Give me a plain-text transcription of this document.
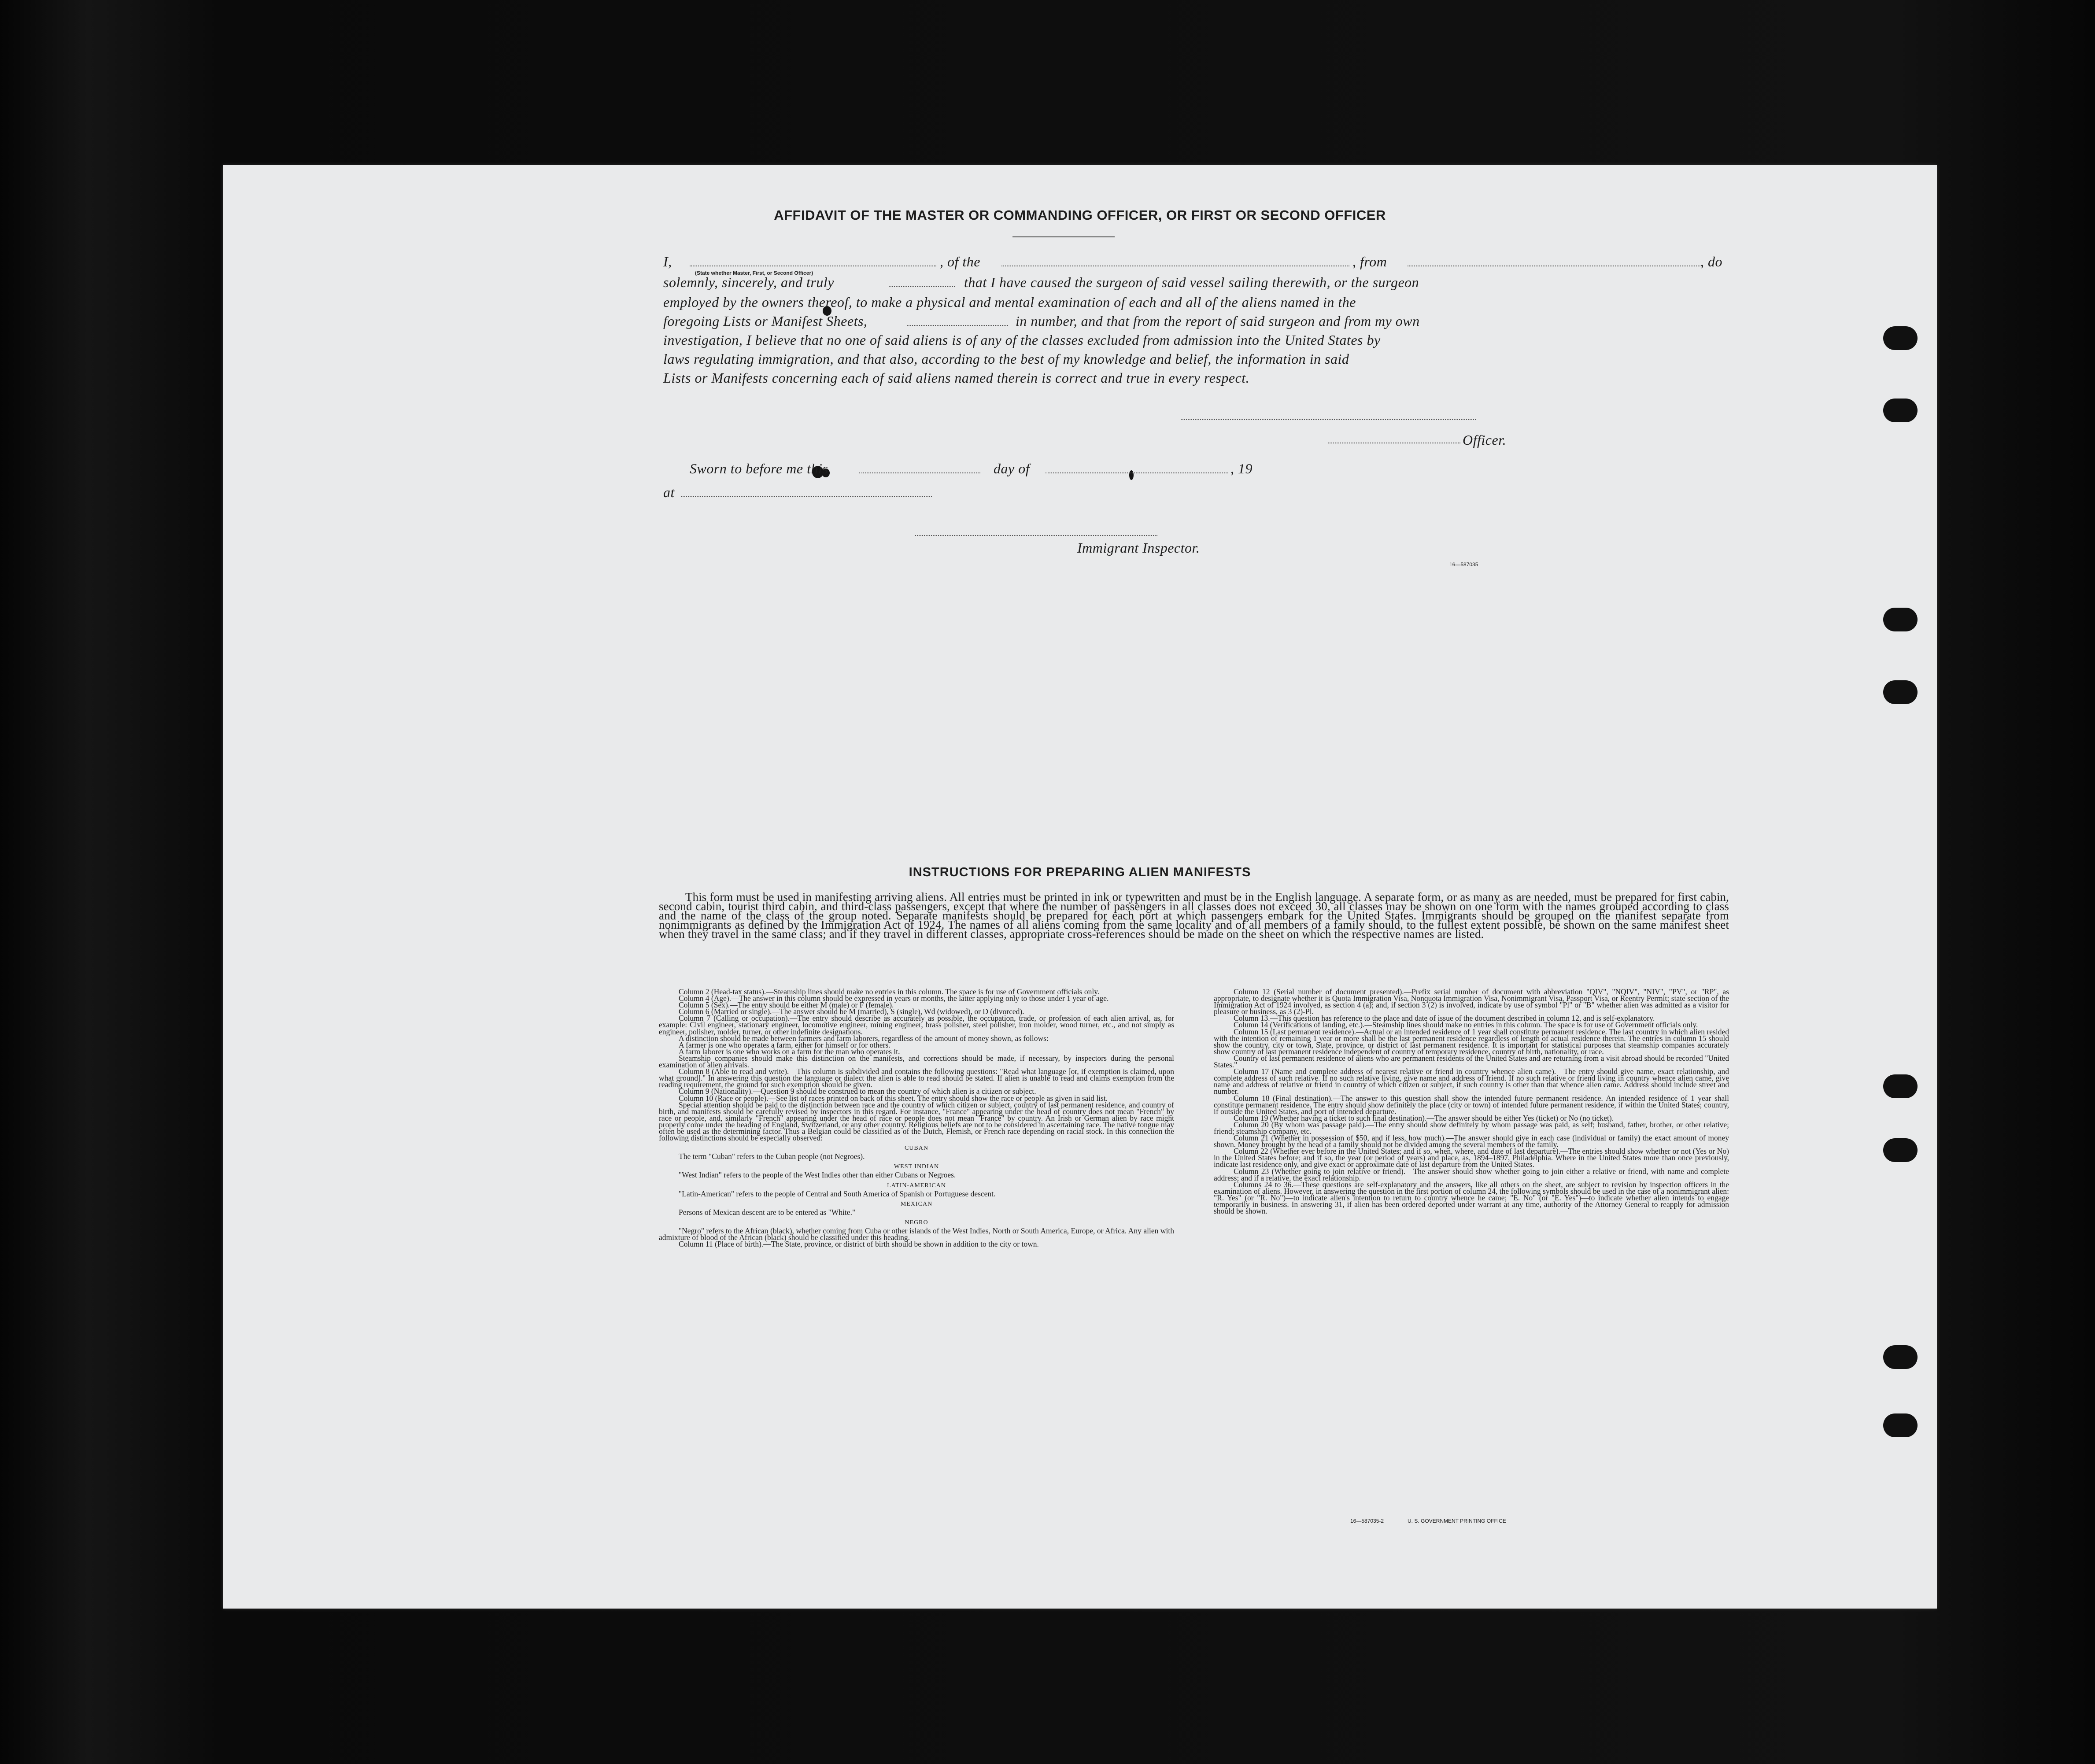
AFFIDAVIT OF THE MASTER OR COMMANDING OFFICER, OR FIRST OR SECOND OFFICER
I,	, of the	, from	, do
(State whether Master, First, or Second Officer)
solemnly, sincerely, and truly	that I have caused the surgeon of said vessel sailing therewith, or the surgeon
employed by the owners thereof, to make a physical and mental examination of each and all of the aliens named in the
foregoing Lists or Manifest Sheets,	in number, and that from the report of said surgeon and from my own
investigation, I believe that no one of said aliens is of any of the classes excluded from admission into the United States by
laws regulating immigration, and that also, according to the best of my knowledge and belief, the information in said
Lists or Manifests concerning each of said aliens named therein is correct and true in every respect.
Officer.
Sworn to before me this	day of	, 19
at
Immigrant Inspector.
16—587035
INSTRUCTIONS FOR PREPARING ALIEN MANIFESTS
This form must be used in manifesting arriving aliens. All entries must be printed in ink or typewritten and must be in the English language. A separate form, or as many as are needed, must be prepared for first cabin, second cabin, tourist third cabin, and third-class passengers, except that where the number of passengers in all classes does not exceed 30, all classes may be shown on one form with the names grouped according to class and the name of the class of the group noted. Separate manifests should be prepared for each port at which passengers embark for the United States. Immigrants should be grouped on the manifest separate from nonimmigrants as defined by the Immigration Act of 1924. The names of all aliens coming from the same locality and of all members of a family should, to the fullest extent possible, be shown on the same manifest sheet when they travel in the same class; and if they travel in different classes, appropriate cross-references should be made on the sheet on which the respective names are listed.

Column 2 (Head-tax status).—Steamship lines should make no entries in this column. The space is for use of Government officials only.

Column 4 (Age).—The answer in this column should be expressed in years or months, the latter applying only to those under 1 year of age.

Column 5 (Sex).—The entry should be either M (male) or F (female).

Column 6 (Married or single).—The answer should be M (married), S (single), Wd (widowed), or D (divorced).

Column 7 (Calling or occupation).—The entry should describe as accurately as possible, the occupation, trade, or profession of each alien arrival, as, for example: Civil engineer, stationary engineer, locomotive engineer, mining engineer, brass polisher, steel polisher, iron molder, wood turner, etc., and not simply as engineer, polisher, molder, turner, or other indefinite designations.

A distinction should be made between farmers and farm laborers, regardless of the amount of money shown, as follows:

A farmer is one who operates a farm, either for himself or for others.

A farm laborer is one who works on a farm for the man who operates it.

Steamship companies should make this distinction on the manifests, and corrections should be made, if necessary, by inspectors during the personal examination of alien arrivals.

Column 8 (Able to read and write).—This column is subdivided and contains the following questions: "Read what language [or, if exemption is claimed, upon what ground]." In answering this question the language or dialect the alien is able to read should be stated. If alien is unable to read and claims exemption from the reading requirement, the ground for such exemption should be given.

Column 9 (Nationality).—Question 9 should be construed to mean the country of which alien is a citizen or subject.

Column 10 (Race or people).—See list of races printed on back of this sheet. The entry should show the race or people as given in said list.

Special attention should be paid to the distinction between race and the country of which citizen or subject, country of last permanent residence, and country of birth, and manifests should be carefully revised by inspectors in this regard. For instance, "France" appearing under the head of country does not mean "French" by race or people, and, similarly "French" appearing under the head of race or people does not mean "France" by country. An Irish or German alien by race might properly come under the heading of England, Switzerland, or any other country. Religious beliefs are not to be considered in ascertaining race. The native tongue may often be used as the determining factor. Thus a Belgian could be classified as of the Dutch, Flemish, or French race depending on racial stock. In this connection the following distinctions should be especially observed:

CUBAN

The term "Cuban" refers to the Cuban people (not Negroes).

WEST INDIAN

"West Indian" refers to the people of the West Indies other than either Cubans or Negroes.

LATIN-AMERICAN

"Latin-American" refers to the people of Central and South America of Spanish or Portuguese descent.

MEXICAN

Persons of Mexican descent are to be entered as "White."

NEGRO

"Negro" refers to the African (black), whether coming from Cuba or other islands of the West Indies, North or South America, Europe, or Africa. Any alien with admixture of blood of the African (black) should be classified under this heading.

Column 11 (Place of birth).—The State, province, or district of birth should be shown in addition to the city or town.

Column 12 (Serial number of document presented).—Prefix serial number of document with abbreviation "QIV", "NQIV", "NIV", "PV", or "RP", as appropriate, to designate whether it is Quota Immigration Visa, Nonquota Immigration Visa, Nonimmigrant Visa, Passport Visa, or Reentry Permit; state section of the Immigration Act of 1924 involved, as section 4 (a); and, if section 3 (2) is involved, indicate by use of symbol "Pl" or "B" whether alien was admitted as a visitor for pleasure or business, as 3 (2)-Pl.

Column 13.—This question has reference to the place and date of issue of the document described in column 12, and is self-explanatory.

Column 14 (Verifications of landing, etc.).—Steamship lines should make no entries in this column. The space is for use of Government officials only.

Column 15 (Last permanent residence).—Actual or an intended residence of 1 year shall constitute permanent residence. The last country in which alien resided with the intention of remaining 1 year or more shall be the last permanent residence regardless of length of actual residence therein. The entries in column 15 should show the country, city or town, State, province, or district of last permanent residence. It is important for statistical purposes that steamship companies accurately show country of last permanent residence independent of country of temporary residence, country of birth, nationality, or race.

Country of last permanent residence of aliens who are permanent residents of the United States and are returning from a visit abroad should be recorded "United States."

Column 17 (Name and complete address of nearest relative or friend in country whence alien came).—The entry should give name, exact relationship, and complete address of such relative. If no such relative living, give name and address of friend. If no such relative or friend living in country whence alien came, give name and address of relative or friend in country of which citizen or subject, if such country is other than that whence alien came. Address should include street and number.

Column 18 (Final destination).—The answer to this question shall show the intended future permanent residence. An intended residence of 1 year shall constitute permanent residence. The entry should show definitely the place (city or town) of intended future permanent residence, if within the United States; country, if outside the United States, and port of intended departure.

Column 19 (Whether having a ticket to such final destination).—The answer should be either Yes (ticket) or No (no ticket).

Column 20 (By whom was passage paid).—The entry should show definitely by whom passage was paid, as self; husband, father, brother, or other relative; friend; steamship company, etc.

Column 21 (Whether in possession of $50, and if less, how much).—The answer should give in each case (individual or family) the exact amount of money shown. Money brought by the head of a family should not be divided among the several members of the family.

Column 22 (Whether ever before in the United States; and if so, when, where, and date of last departure).—The entries should show whether or not (Yes or No) in the United States before; and if so, the year (or period of years) and place, as, 1894–1897, Philadelphia. Where in the United States more than once previously, indicate last residence only, and give exact or approximate date of last departure from the United States.

Column 23 (Whether going to join relative or friend).—The answer should show whether going to join either a relative or friend, with name and complete address; and if a relative, the exact relationship.

Columns 24 to 36.—These questions are self-explanatory and the answers, like all others on the sheet, are subject to revision by inspection officers in the examination of aliens. However, in answering the question in the first portion of column 24, the following symbols should be used in the case of a nonimmigrant alien: "R. Yes" (or "R. No")—to indicate alien's intention to return to country whence he came; "E. No" (or "E. Yes")—to indicate whether alien intends to engage temporarily in business. In answering 31, if alien has been ordered deported under warrant at any time, authority of the Attorney General to reapply for admission should be shown.

16—587035-2	U. S. GOVERNMENT PRINTING OFFICE
